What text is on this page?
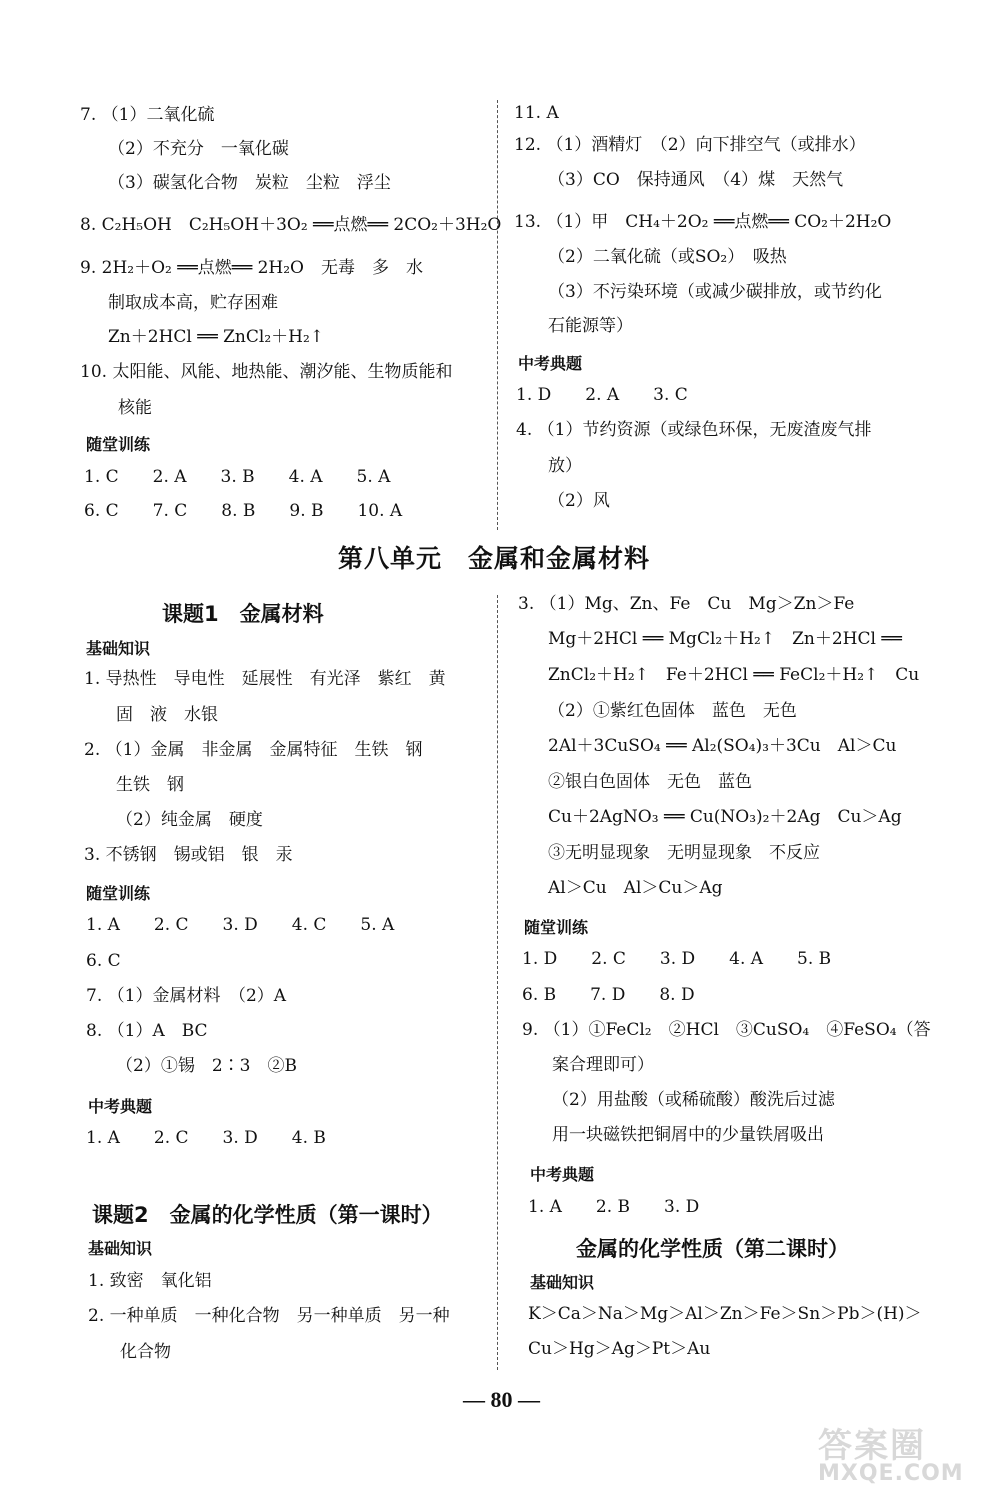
7. （1）二氧化硫
（2）不充分　一氧化碳
（3）碳氢化合物　炭粒　尘粒　浮尘
8. C₂H₅OH　C₂H₅OH＋3O₂ ══点燃══ 2CO₂＋3H₂O
9. 2H₂＋O₂ ══点燃══ 2H₂O　无毒　多　水
制取成本高，贮存困难
Zn＋2HCl ══ ZnCl₂＋H₂↑
10. 太阳能、风能、地热能、潮汐能、生物质能和
核能
随堂训练
1. C　　2. A　　3. B　　4. A　　5. A
6. C　　7. C　　8. B　　9. B　　10. A
11. A
12. （1）酒精灯　（2）向下排空气（或排水）
（3）CO　保持通风　（4）煤　天然气
13. （1）甲　CH₄＋2O₂ ══点燃══ CO₂＋2H₂O
（2）二氧化硫（或SO₂）　吸热
（3）不污染环境（或减少碳排放，或节约化
石能源等）
中考典题
1. D　　2. A　　3. C
4. （1）节约资源（或绿色环保，无废渣废气排
放）
（2）风
第八单元　金属和金属材料
课题1　金属材料
基础知识
1. 导热性　导电性　延展性　有光泽　紫红　黄
固　液　水银
2. （1）金属　非金属　金属特征　生铁　钢
生铁　钢
（2）纯金属　硬度
3. 不锈钢　锡或铝　银　汞
随堂训练
1. A　　2. C　　3. D　　4. C　　5. A
6. C
7. （1）金属材料　（2）A
8. （1）A　BC
（2）①锡　2∶3　②B
中考典题
1. A　　2. C　　3. D　　4. B
课题2　金属的化学性质（第一课时）
基础知识
1. 致密　氧化铝
2. 一种单质　一种化合物　另一种单质　另一种
化合物
3. （1）Mg、Zn、Fe　Cu　Mg＞Zn＞Fe
Mg＋2HCl ══ MgCl₂＋H₂↑　Zn＋2HCl ══
ZnCl₂＋H₂↑　Fe＋2HCl ══ FeCl₂＋H₂↑　Cu
（2）①紫红色固体　蓝色　无色
2Al＋3CuSO₄ ══ Al₂(SO₄)₃＋3Cu　Al＞Cu
②银白色固体　无色　蓝色
Cu＋2AgNO₃ ══ Cu(NO₃)₂＋2Ag　Cu＞Ag
③无明显现象　无明显现象　不反应
Al＞Cu　Al＞Cu＞Ag
随堂训练
1. D　　2. C　　3. D　　4. A　　5. B
6. B　　7. D　　8. D
9. （1）①FeCl₂　②HCl　③CuSO₄　④FeSO₄（答
案合理即可）
（2）用盐酸（或稀硫酸）酸洗后过滤
用一块磁铁把铜屑中的少量铁屑吸出
中考典题
1. A　　2. B　　3. D
金属的化学性质（第二课时）
基础知识
K＞Ca＞Na＞Mg＞Al＞Zn＞Fe＞Sn＞Pb＞(H)＞
Cu＞Hg＞Ag＞Pt＞Au
— 80 —
答案圈
MXQE.COM
